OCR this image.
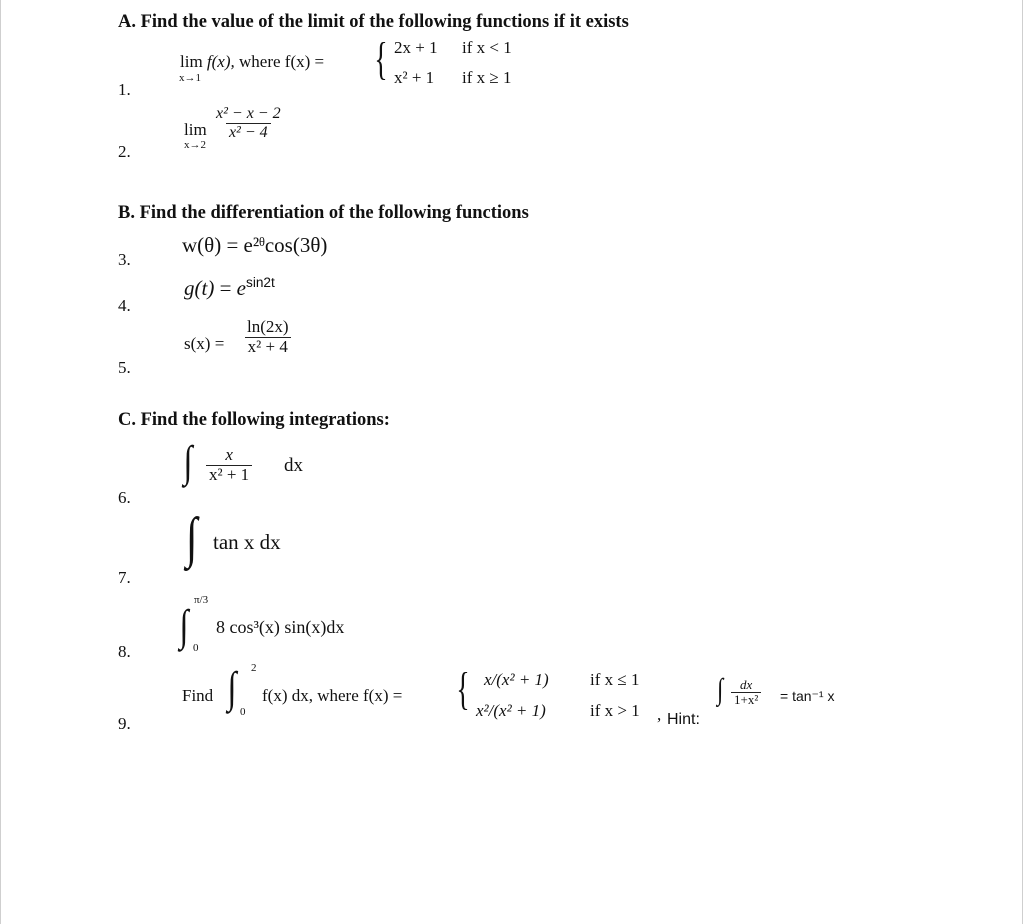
A. Find the value of the limit of the following functions if it exists
1.
lim f(x), where f(x) =
x→1	{ 2x + 1 if x < 1
x² + 1 if x ≥ 1
2.
lim
x→2
$\frac{\text{x² − x − 2}}{\text{x² − 4}}$
B. Find the differentiation of the following functions
3.
w(θ) = e²ᶿcos(3θ)
4.
$g(t) = e^{sin2t}$
5.
$s(x) = \frac{\ln(2x)}{\text{x² + 4}}$
C. Find the following integrations:
6.
∫ $\frac{x}{\text{x² + 1}}$ dx
7.
∫ tan x dx
8.
∫
π/3
0
8 cos³(x) sin(x)dx
9.
Find ∫ 2
0
f(x) dx, where f(x) = { x/(x² + 1) if x ≤ 1
x²/(x² + 1)	if x > 1 , Hint:
∫ $\frac{dx}{\text{1+x²}} = \tan^{-1}$ x
